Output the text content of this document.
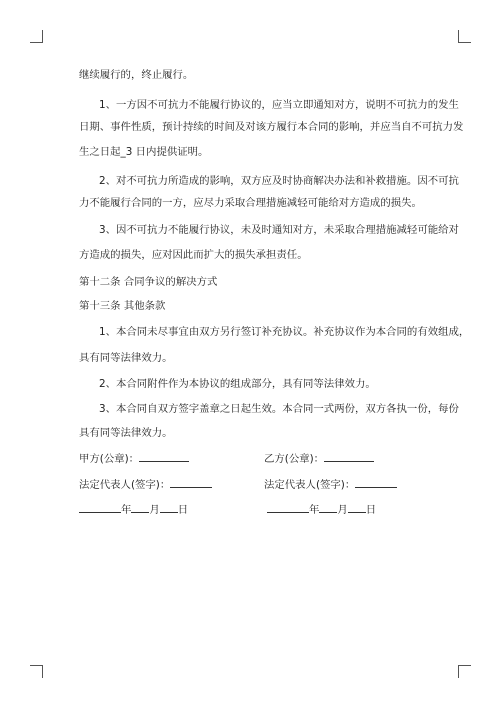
继续履行的，终止履行。
1、一方因不可抗力不能履行协议的，应当立即通知对方，说明不可抗力的发生
日期、事件性质，预计持续的时间及对该方履行本合同的影响，并应当自不可抗力发
生之日起_3 日内提供证明。
2、对不可抗力所造成的影响，双方应及时协商解决办法和补救措施。因不可抗
力不能履行合同的一方，应尽力采取合理措施减轻可能给对方造成的损失。
3、因不可抗力不能履行协议，未及时通知对方，未采取合理措施减轻可能给对
方造成的损失，应对因此而扩大的损失承担责任。
第十二条 合同争议的解决方式
第十三条 其他条款
1、本合同未尽事宜由双方另行签订补充协议。补充协议作为本合同的有效组成，
具有同等法律效力。
2、本合同附件作为本协议的组成部分，具有同等法律效力。
3、本合同自双方签字盖章之日起生效。本合同一式两份，双方各执一份，每份
具有同等法律效力。
甲方(公章)：	乙方(公章)：
法定代表人(签字)：	法定代表人(签字)：
年 月 日	年 月 日
